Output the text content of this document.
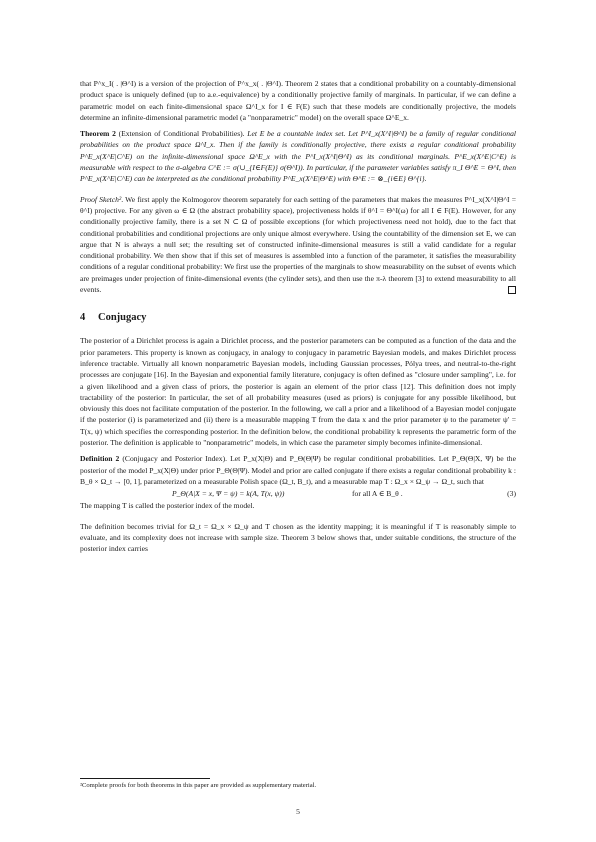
that P^x_I( . |Θ^I) is a version of the projection of P^x_x( . |Θ^I). Theorem 2 states that a conditional probability on a countably-dimensional product space is uniquely defined (up to a.e.-equivalence) by a conditionally projective family of marginals. In particular, if we can define a parametric model on each finite-dimensional space Ω^I_x for I ∈ F(E) such that these models are conditionally projective, the models determine an infinite-dimensional parametric model (a "nonparametric" model) on the overall space Ω^E_x.

Theorem 2 (Extension of Conditional Probabilities). Let E be a countable index set. Let P^I_x(X^I|Θ^I) be a family of regular conditional probabilities on the product space Ω^I_x. Then if the family is conditionally projective, there exists a regular conditional probability P^E_x(X^E|C^E) on the infinite-dimensional space Ω^E_x with the P^I_x(X^I|Θ^I) as its conditional marginals. P^E_x(X^E|C^E) is measurable with respect to the σ-algebra C^E := σ(∪_{I∈F(E)} σ(Θ^I)). In particular, if the parameter variables satisfy π_I Θ^E = Θ^I, then P^E_x(X^E|C^E) can be interpreted as the conditional probability P^E_x(X^E|Θ^E) with Θ^E := ⊗_{i∈E} Θ^{i}.

Proof Sketch². We first apply the Kolmogorov theorem separately for each setting of the parameters that makes the measures P^I_x(X^I|Θ^I = θ^I) projective. For any given ω ∈ Ω (the abstract probability space), projectiveness holds if θ^I = Θ^I(ω) for all I ∈ F(E). However, for any conditionally projective family, there is a set N ⊂ Ω of possible exceptions (for which projectiveness need not hold), due to the fact that conditional probabilities and conditional projections are only unique almost everywhere. Using the countability of the dimension set E, we can argue that N is always a null set; the resulting set of constructed infinite-dimensional measures is still a valid candidate for a regular conditional probability. We then show that if this set of measures is assembled into a function of the parameter, it satisfies the measurability conditions of a regular conditional probability: We first use the properties of the marginals to show measurability on the subset of events which are preimages under projection of finite-dimensional events (the cylinder sets), and then use the π-λ theorem [3] to extend measurability to all events.

4 Conjugacy

The posterior of a Dirichlet process is again a Dirichlet process, and the posterior parameters can be computed as a function of the data and the prior parameters. This property is known as conjugacy, in analogy to conjugacy in parametric Bayesian models, and makes Dirichlet process inference tractable. Virtually all known nonparametric Bayesian models, including Gaussian processes, Pólya trees, and neutral-to-the-right processes are conjugate [16]. In the Bayesian and exponential family literature, conjugacy is often defined as "closure under sampling", i.e. for a given likelihood and a given class of priors, the posterior is again an element of the prior class [12]. This definition does not imply tractability of the posterior: In particular, the set of all probability measures (used as priors) is conjugate for any possible likelihood, but obviously this does not facilitate computation of the posterior. In the following, we call a prior and a likelihood of a Bayesian model conjugate if the posterior (i) is parameterized and (ii) there is a measurable mapping T from the data x and the prior parameter ψ to the parameter ψ′ = T(x, ψ) which specifies the corresponding posterior. In the definition below, the conditional probability k represents the parametric form of the posterior. The definition is applicable to "nonparametric" models, in which case the parameter simply becomes infinite-dimensional.

Definition 2 (Conjugacy and Posterior Index). Let P_x(X|Θ) and P_Θ(Θ|Ψ) be regular conditional probabilities. Let P_Θ(Θ|X, Ψ) be the posterior of the model P_x(X|Θ) under prior P_Θ(Θ|Ψ). Model and prior are called conjugate if there exists a regular conditional probability k : B_θ × Ω_t → [0, 1], parameterized on a measurable Polish space (Ω_t, B_t), and a measurable map T : Ω_x × Ω_ψ → Ω_t, such that

P_Θ(A|X = x, Ψ = ψ) = k(A, T(x, ψ))	for all A ∈ B_θ .	(3)

The mapping T is called the posterior index of the model.

The definition becomes trivial for Ω_t = Ω_x × Ω_ψ and T chosen as the identity mapping; it is meaningful if T is reasonably simple to evaluate, and its complexity does not increase with sample size. Theorem 3 below shows that, under suitable conditions, the structure of the posterior index carries

²Complete proofs for both theorems in this paper are provided as supplementary material.
5
